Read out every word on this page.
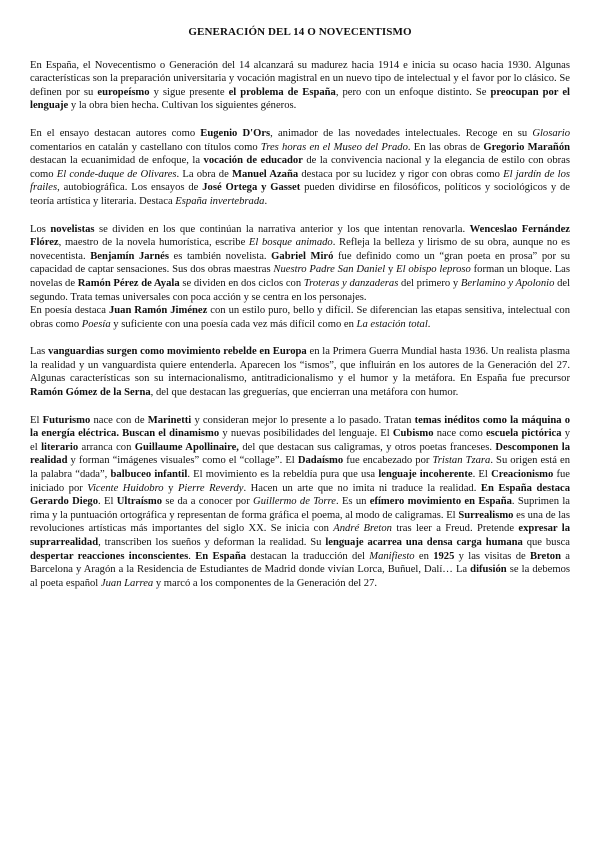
GENERACIÓN DEL 14 O NOVECENTISMO

En España, el Novecentismo o Generación del 14 alcanzará su madurez hacia 1914 e inicia su ocaso hacia 1930. Algunas características son la preparación universitaria y vocación magistral en un nuevo tipo de intelectual y el favor por lo clásico. Se definen por su europeísmo y sigue presente el problema de España, pero con un enfoque distinto. Se preocupan por el lenguaje y la obra bien hecha. Cultivan los siguientes géneros.

En el ensayo destacan autores como Eugenio D'Ors, animador de las novedades intelectuales. Recoge en su Glosario comentarios en catalán y castellano con títulos como Tres horas en el Museo del Prado. En las obras de Gregorio Marañón destacan la ecuanimidad de enfoque, la vocación de educador de la convivencia nacional y la elegancia de estilo con obras como El conde-duque de Olivares. La obra de Manuel Azaña destaca por su lucidez y rigor con obras como El jardín de los frailes, autobiográfica. Los ensayos de José Ortega y Gasset pueden dividirse en filosóficos, políticos y sociológicos y de teoría artística y literaria. Destaca España invertebrada.

Los novelistas se dividen en los que continúan la narrativa anterior y los que intentan renovarla. Wenceslao Fernández Flórez, maestro de la novela humorística, escribe El bosque animado. Refleja la belleza y lirismo de su obra, aunque no es novecentista. Benjamín Jarnés es también novelista. Gabriel Miró fue definido como un “gran poeta en prosa” por su capacidad de captar sensaciones. Sus dos obras maestras Nuestro Padre San Daniel y El obispo leproso forman un bloque. Las novelas de Ramón Pérez de Ayala se dividen en dos ciclos con Troteras y danzaderas del primero y Berlamino y Apolonio del segundo. Trata temas universales con poca acción y se centra en los personajes.
En poesía destaca Juan Ramón Jiménez con un estilo puro, bello y difícil. Se diferencian las etapas sensitiva, intelectual con obras como Poesía y suficiente con una poesía cada vez más difícil como en La estación total.

Las vanguardias surgen como movimiento rebelde en Europa en la Primera Guerra Mundial hasta 1936. Un realista plasma la realidad y un vanguardista quiere entenderla. Aparecen los “ismos”, que influirán en los autores de la Generación del 27. Algunas características son su internacionalismo, antitradicionalismo y el humor y la metáfora. En España fue precursor Ramón Gómez de la Serna, del que destacan las greguerías, que encierran una metáfora con humor.

El Futurismo nace con de Marinetti y consideran mejor lo presente a lo pasado. Tratan temas inéditos como la máquina o la energía eléctrica. Buscan el dinamismo y nuevas posibilidades del lenguaje. El Cubismo nace como escuela pictórica y el literario arranca con Guillaume Apollinaire, del que destacan sus caligramas, y otros poetas franceses. Descomponen la realidad y forman “imágenes visuales” como el “collage”. El Dadaísmo fue encabezado por Tristan Tzara. Su origen está en la palabra “dada”, balbuceo infantil. El movimiento es la rebeldía pura que usa lenguaje incoherente. El Creacionismo fue iniciado por Vicente Huidobro y Pierre Reverdy. Hacen un arte que no imita ni traduce la realidad. En España destaca Gerardo Diego. El Ultraísmo se da a conocer por Guillermo de Torre. Es un efímero movimiento en España. Suprimen la rima y la puntuación ortográfica y representan de forma gráfica el poema, al modo de caligramas. El Surrealismo es una de las revoluciones artísticas más importantes del siglo XX. Se inicia con André Breton tras leer a Freud. Pretende expresar la suprarrealidad, transcriben los sueños y deforman la realidad. Su lenguaje acarrea una densa carga humana que busca despertar reacciones inconscientes. En España destacan la traducción del Manifiesto en 1925 y las visitas de Breton a Barcelona y Aragón a la Residencia de Estudiantes de Madrid donde vivían Lorca, Buñuel, Dalí… La difusión se la debemos al poeta español Juan Larrea y marcó a los componentes de la Generación del 27.
